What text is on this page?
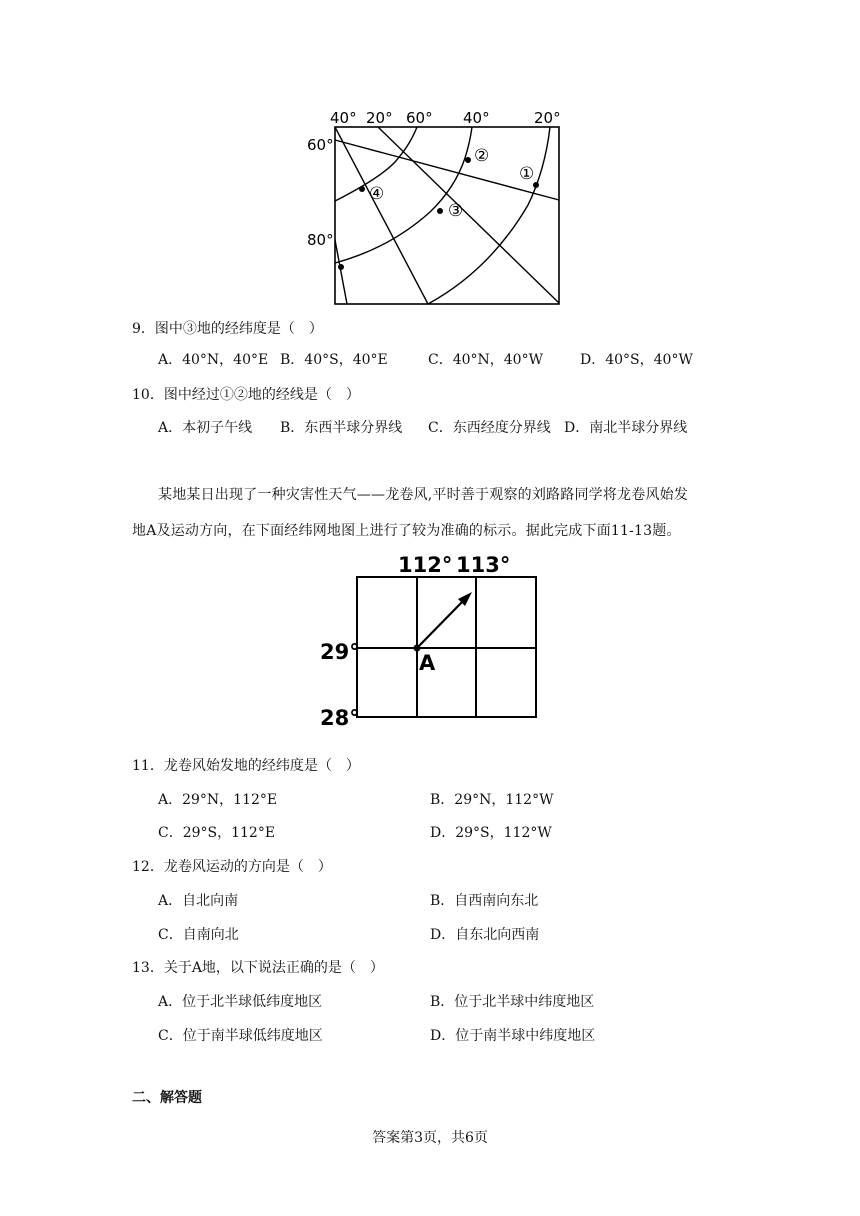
40° 20° 60° 40°	20°
60°
80°
①
②
③
④
9．图中③地的经纬度是（　）
A．40°N，40°E B．40°S，40°E	C．40°N，40°W	D．40°S，40°W
10．图中经过①②地的经线是（　）
A．本初子午线 B．东西半球分界线 C．东西经度分界线 D．南北半球分界线
某地某日出现了一种灾害性天气——龙卷风,平时善于观察的刘路路同学将龙卷风始发
地A及运动方向，在下面经纬网地图上进行了较为准确的标示。据此完成下面11-13题。
112° 113°
29°
28°
A
11．龙卷风始发地的经纬度是（　）
A．29°N，112°E	B．29°N，112°W
C．29°S，112°E	D．29°S，112°W
12．龙卷风运动的方向是（　）
A．自北向南	B．自西南向东北
C．自南向北	D．自东北向西南
13．关于A地，以下说法正确的是（　）
A．位于北半球低纬度地区	B．位于北半球中纬度地区
C．位于南半球低纬度地区	D．位于南半球中纬度地区
二、解答题
答案第3页，共6页
